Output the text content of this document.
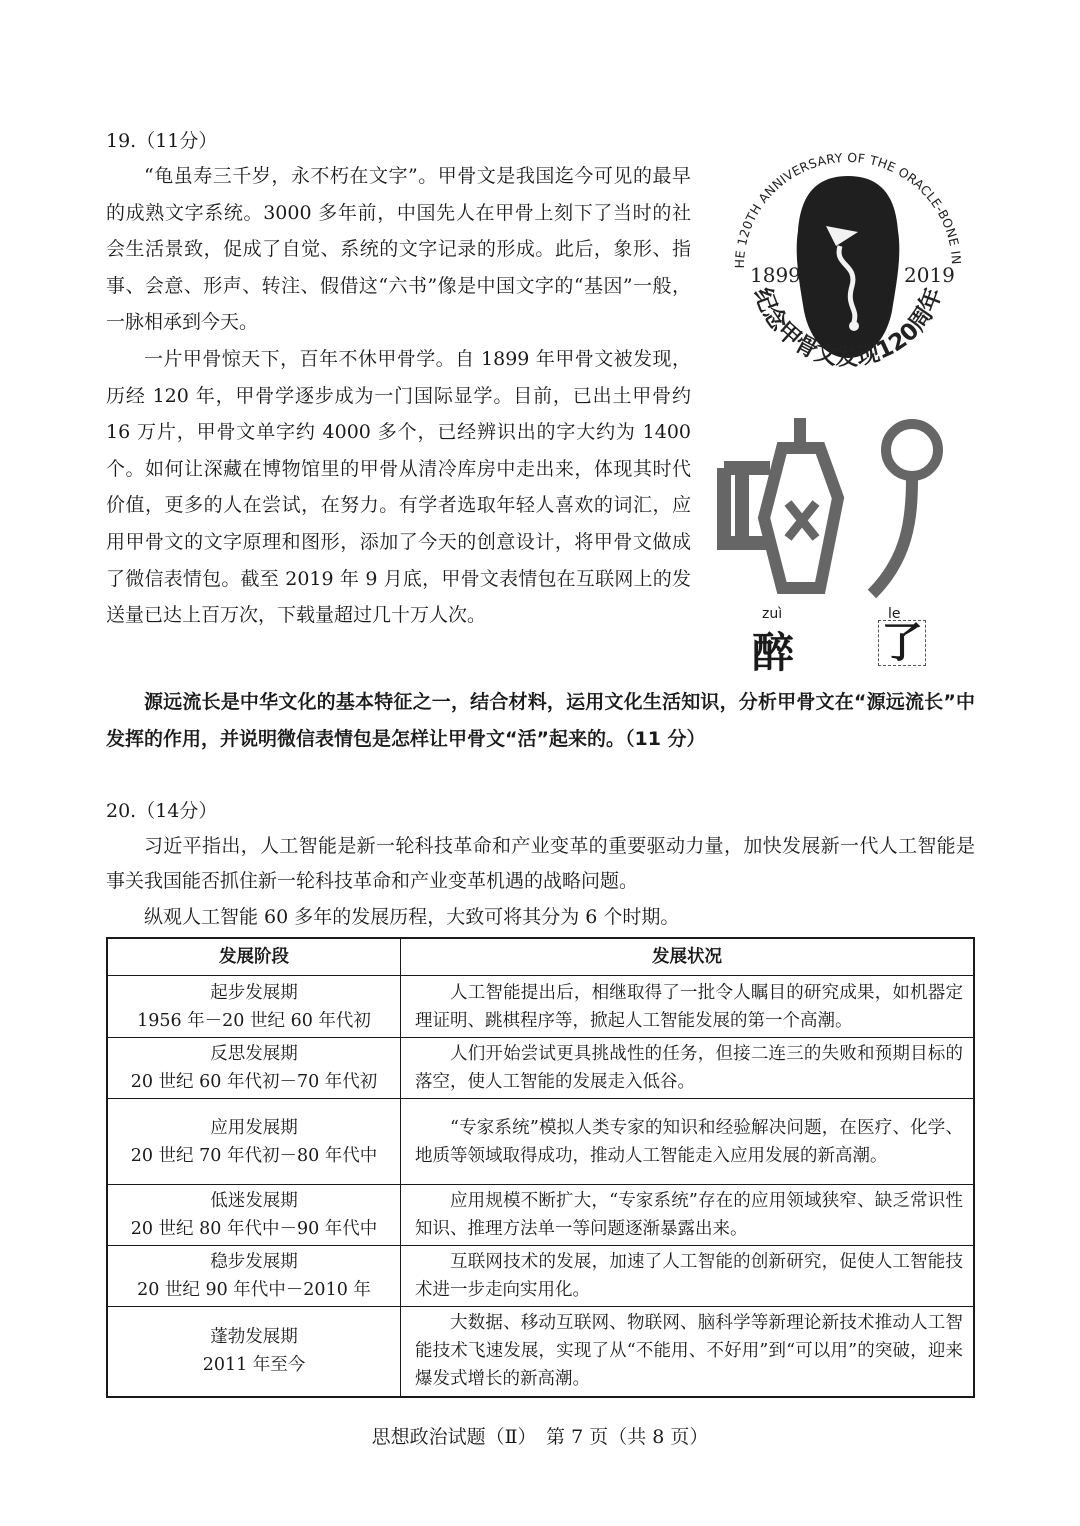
19.（11分）

“龟虽寿三千岁，永不朽在文字”。甲骨文是我国迄今可见的最早的成熟文字系统。3000 多年前，中国先人在甲骨上刻下了当时的社会生活景致，促成了自觉、系统的文字记录的形成。此后，象形、指事、会意、形声、转注、假借这“六书”像是中国文字的“基因”一般，一脉相承到今天。

一片甲骨惊天下，百年不休甲骨学。自 1899 年甲骨文被发现，历经 120 年，甲骨学逐步成为一门国际显学。目前，已出土甲骨约 16 万片，甲骨文单字约 4000 多个，已经辨识出的字大约为 1400 个。如何让深藏在博物馆里的甲骨从清冷库房中走出来，体现其时代价值，更多的人在尝试，在努力。有学者选取年轻人喜欢的词汇，应用甲骨文的文字原理和图形，添加了今天的创意设计，将甲骨文做成了微信表情包。截至 2019 年 9 月底，甲骨文表情包在互联网上的发送量已达上百万次，下载量超过几十万人次。

HE 120TH ANNIVERSARY OF THE ORACLE-BONE IN
1899	2019
纪念甲骨文发现120周年
zuì	le
醉 了

源远流长是中华文化的基本特征之一，结合材料，运用文化生活知识，分析甲骨文在“源远流长”中发挥的作用，并说明微信表情包是怎样让甲骨文“活”起来的。（11 分）

20.（14分）

习近平指出，人工智能是新一轮科技革命和产业变革的重要驱动力量，加快发展新一代人工智能是事关我国能否抓住新一轮科技革命和产业变革机遇的战略问题。

纵观人工智能 60 多年的发展历程，大致可将其分为 6 个时期。

发展阶段	发展状况

起步发展期
1956 年－20 世纪 60 年代初	人工智能提出后，相继取得了一批令人瞩目的研究成果，如机器定理证明、跳棋程序等，掀起人工智能发展的第一个高潮。

反思发展期
20 世纪 60 年代初－70 年代初	人们开始尝试更具挑战性的任务，但接二连三的失败和预期目标的落空，使人工智能的发展走入低谷。

应用发展期
20 世纪 70 年代初－80 年代中	“专家系统”模拟人类专家的知识和经验解决问题，在医疗、化学、地质等领域取得成功，推动人工智能走入应用发展的新高潮。

低迷发展期
20 世纪 80 年代中－90 年代中	应用规模不断扩大，“专家系统”存在的应用领域狭窄、缺乏常识性知识、推理方法单一等问题逐渐暴露出来。

稳步发展期
20 世纪 90 年代中－2010 年	互联网技术的发展，加速了人工智能的创新研究，促使人工智能技术进一步走向实用化。

蓬勃发展期
2011 年至今	大数据、移动互联网、物联网、脑科学等新理论新技术推动人工智能技术飞速发展，实现了从“不能用、不好用”到“可以用”的突破，迎来爆发式增长的新高潮。
思想政治试题（Ⅱ）　第 7 页（共 8 页）
